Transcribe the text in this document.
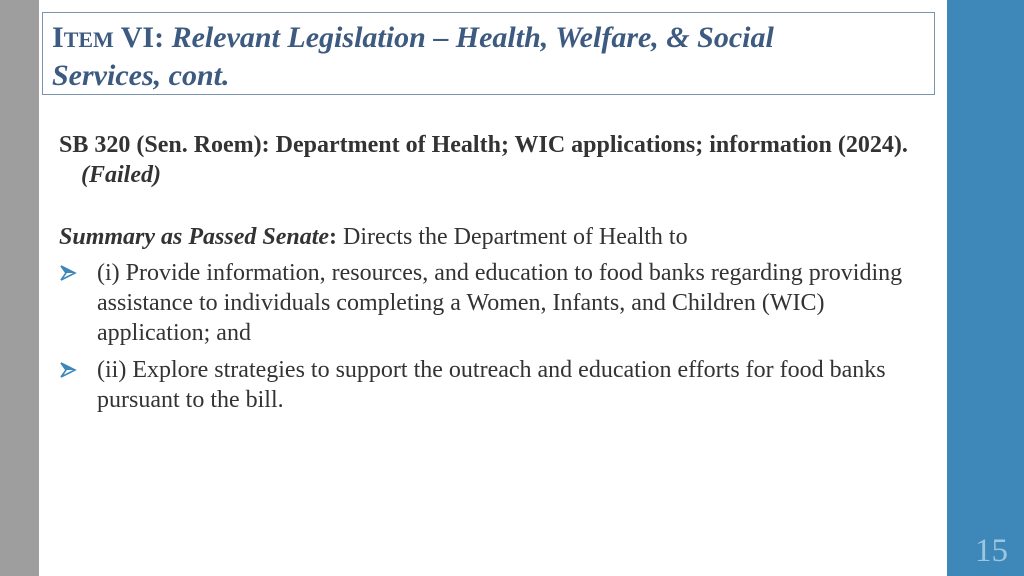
ITEM VI: Relevant Legislation – Health, Welfare, & Social
Services, cont.

SB 320 (Sen. Roem): Department of Health; WIC applications; information (2024). (Failed)

Summary as Passed Senate: Directs the Department of Health to
(i) Provide information, resources, and education to food banks regarding providing assistance to individuals completing a Women, Infants, and Children (WIC) application; and
(ii) Explore strategies to support the outreach and education efforts for food banks pursuant to the bill.
15
